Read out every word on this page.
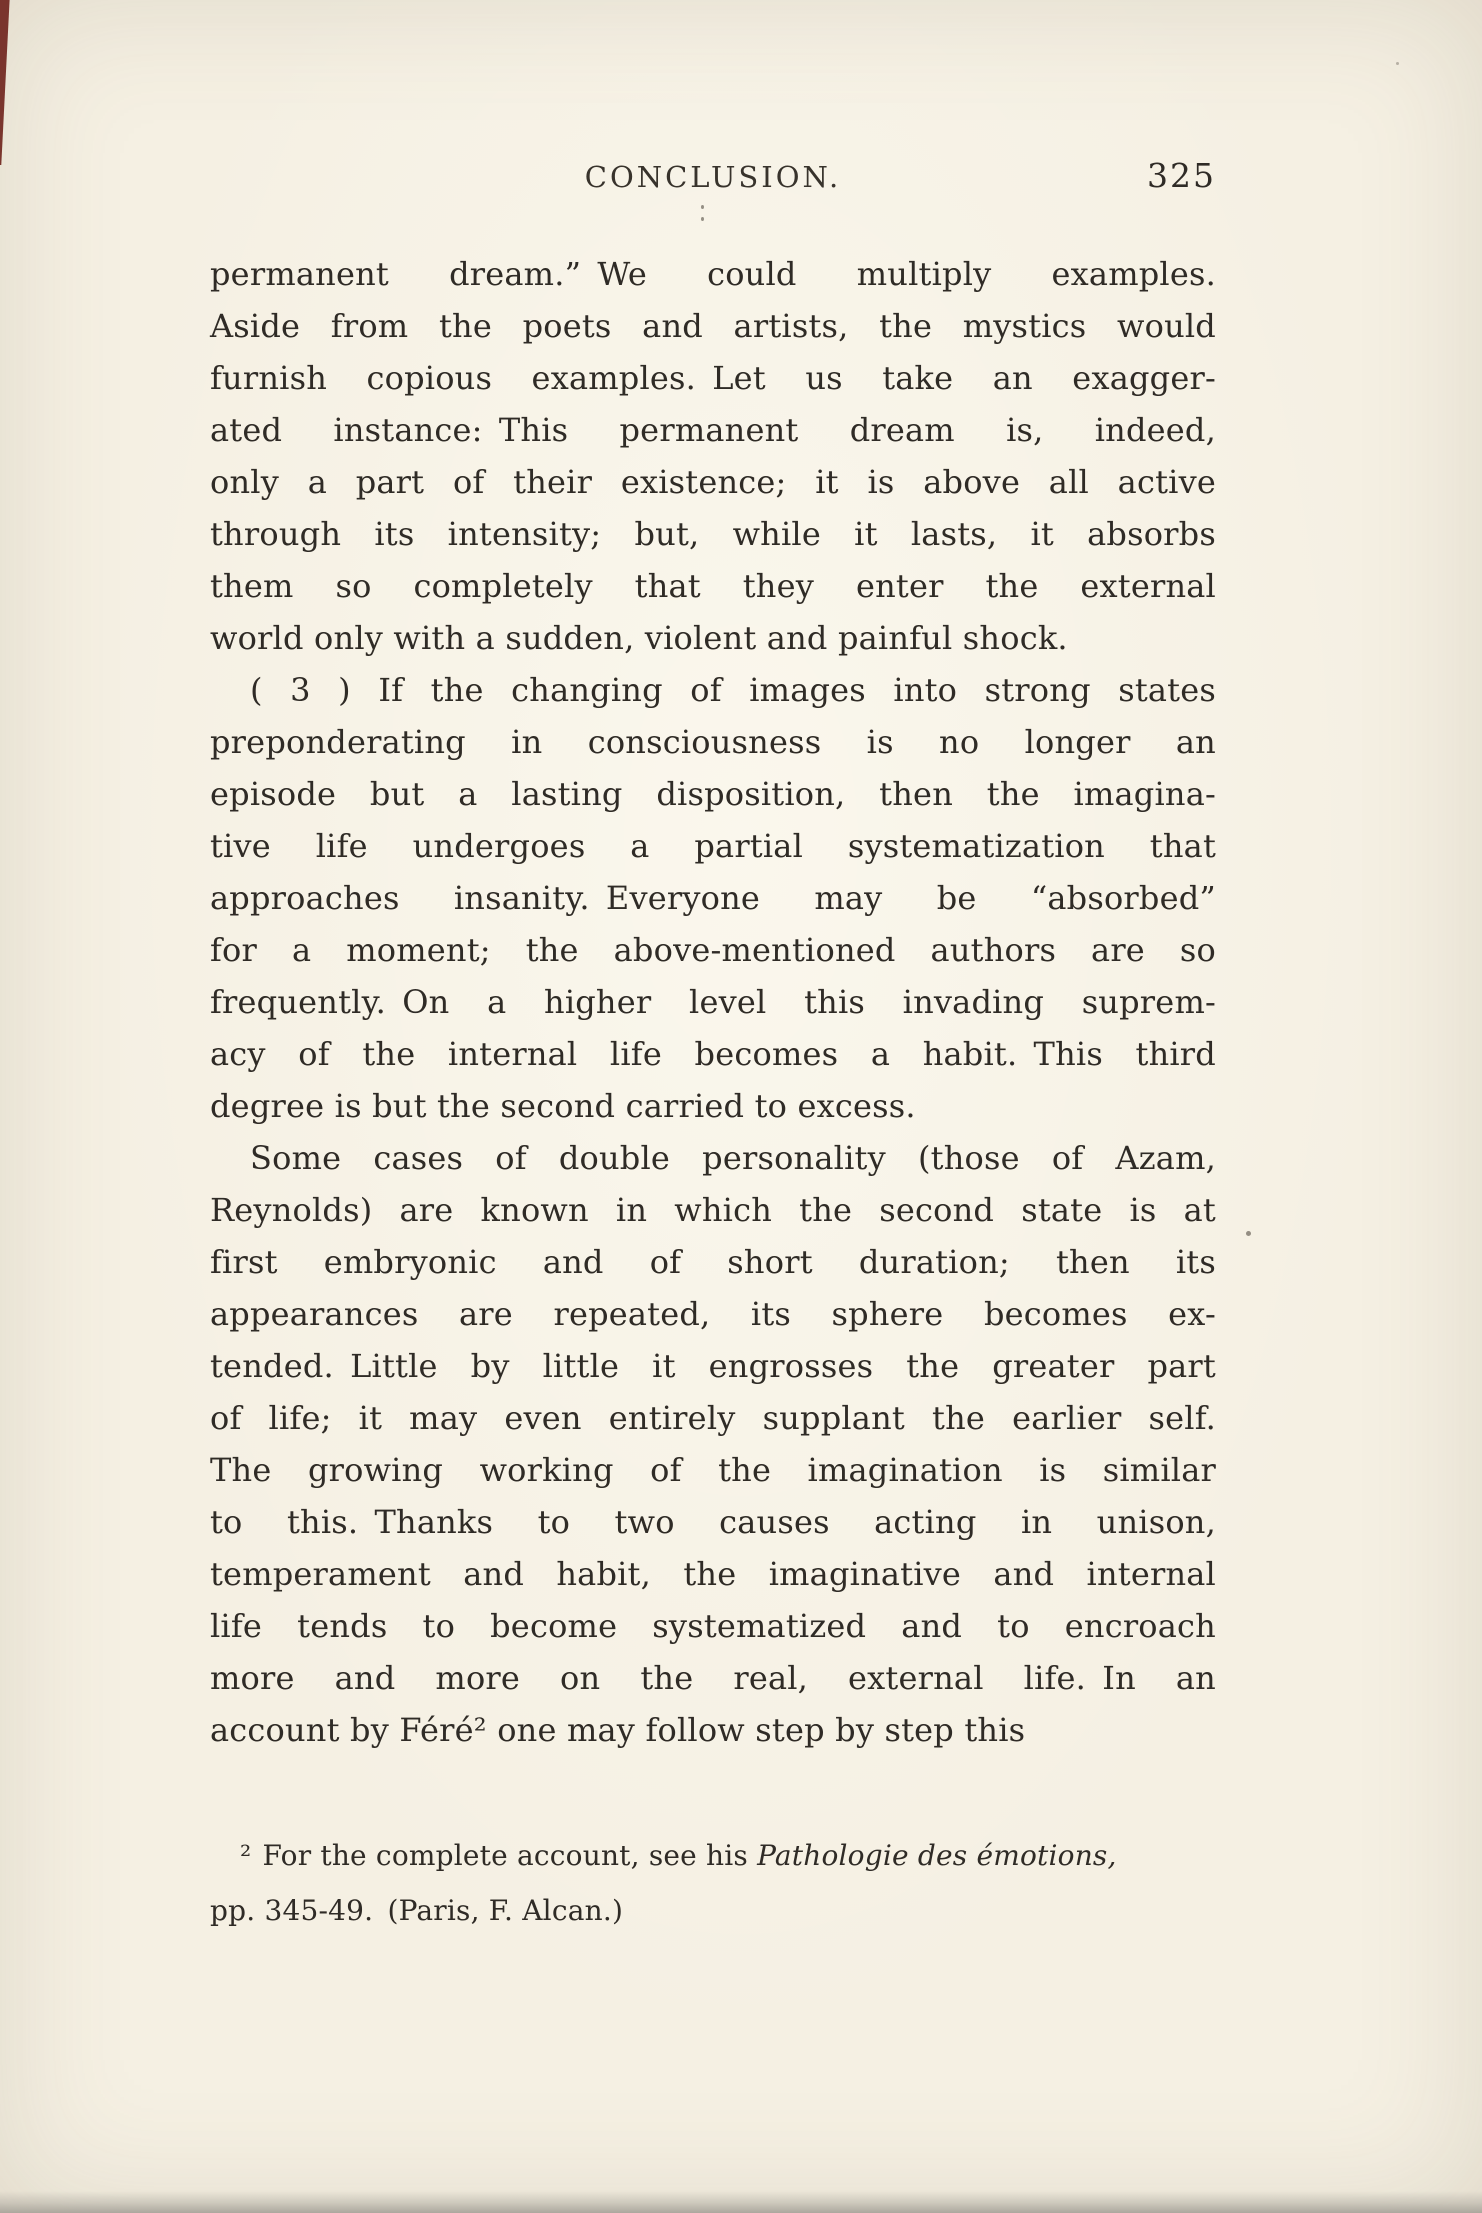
CONCLUSION.	325
permanent dream.” We could multiply examples.
Aside from the poets and artists, the mystics would
furnish copious examples. Let us take an exagger-
ated instance: This permanent dream is, indeed,
only a part of their existence; it is above all active
through its intensity; but, while it lasts, it absorbs
them so completely that they enter the external
world only with a sudden, violent and painful shock.
( 3 ) If the changing of images into strong states
preponderating in consciousness is no longer an
episode but a lasting disposition, then the imagina-
tive life undergoes a partial systematization that
approaches insanity. Everyone may be “absorbed”
for a moment; the above-mentioned authors are so
frequently. On a higher level this invading suprem-
acy of the internal life becomes a habit. This third
degree is but the second carried to excess.
Some cases of double personality (those of Azam,
Reynolds) are known in which the second state is at
first embryonic and of short duration; then its
appearances are repeated, its sphere becomes ex-
tended. Little by little it engrosses the greater part
of life; it may even entirely supplant the earlier self.
The growing working of the imagination is similar
to this. Thanks to two causes acting in unison,
temperament and habit, the imaginative and internal
life tends to become systematized and to encroach
more and more on the real, external life. In an
account by Féré² one may follow step by step this
² For the complete account, see his Pathologie des émotions,
pp. 345-49. (Paris, F. Alcan.)
